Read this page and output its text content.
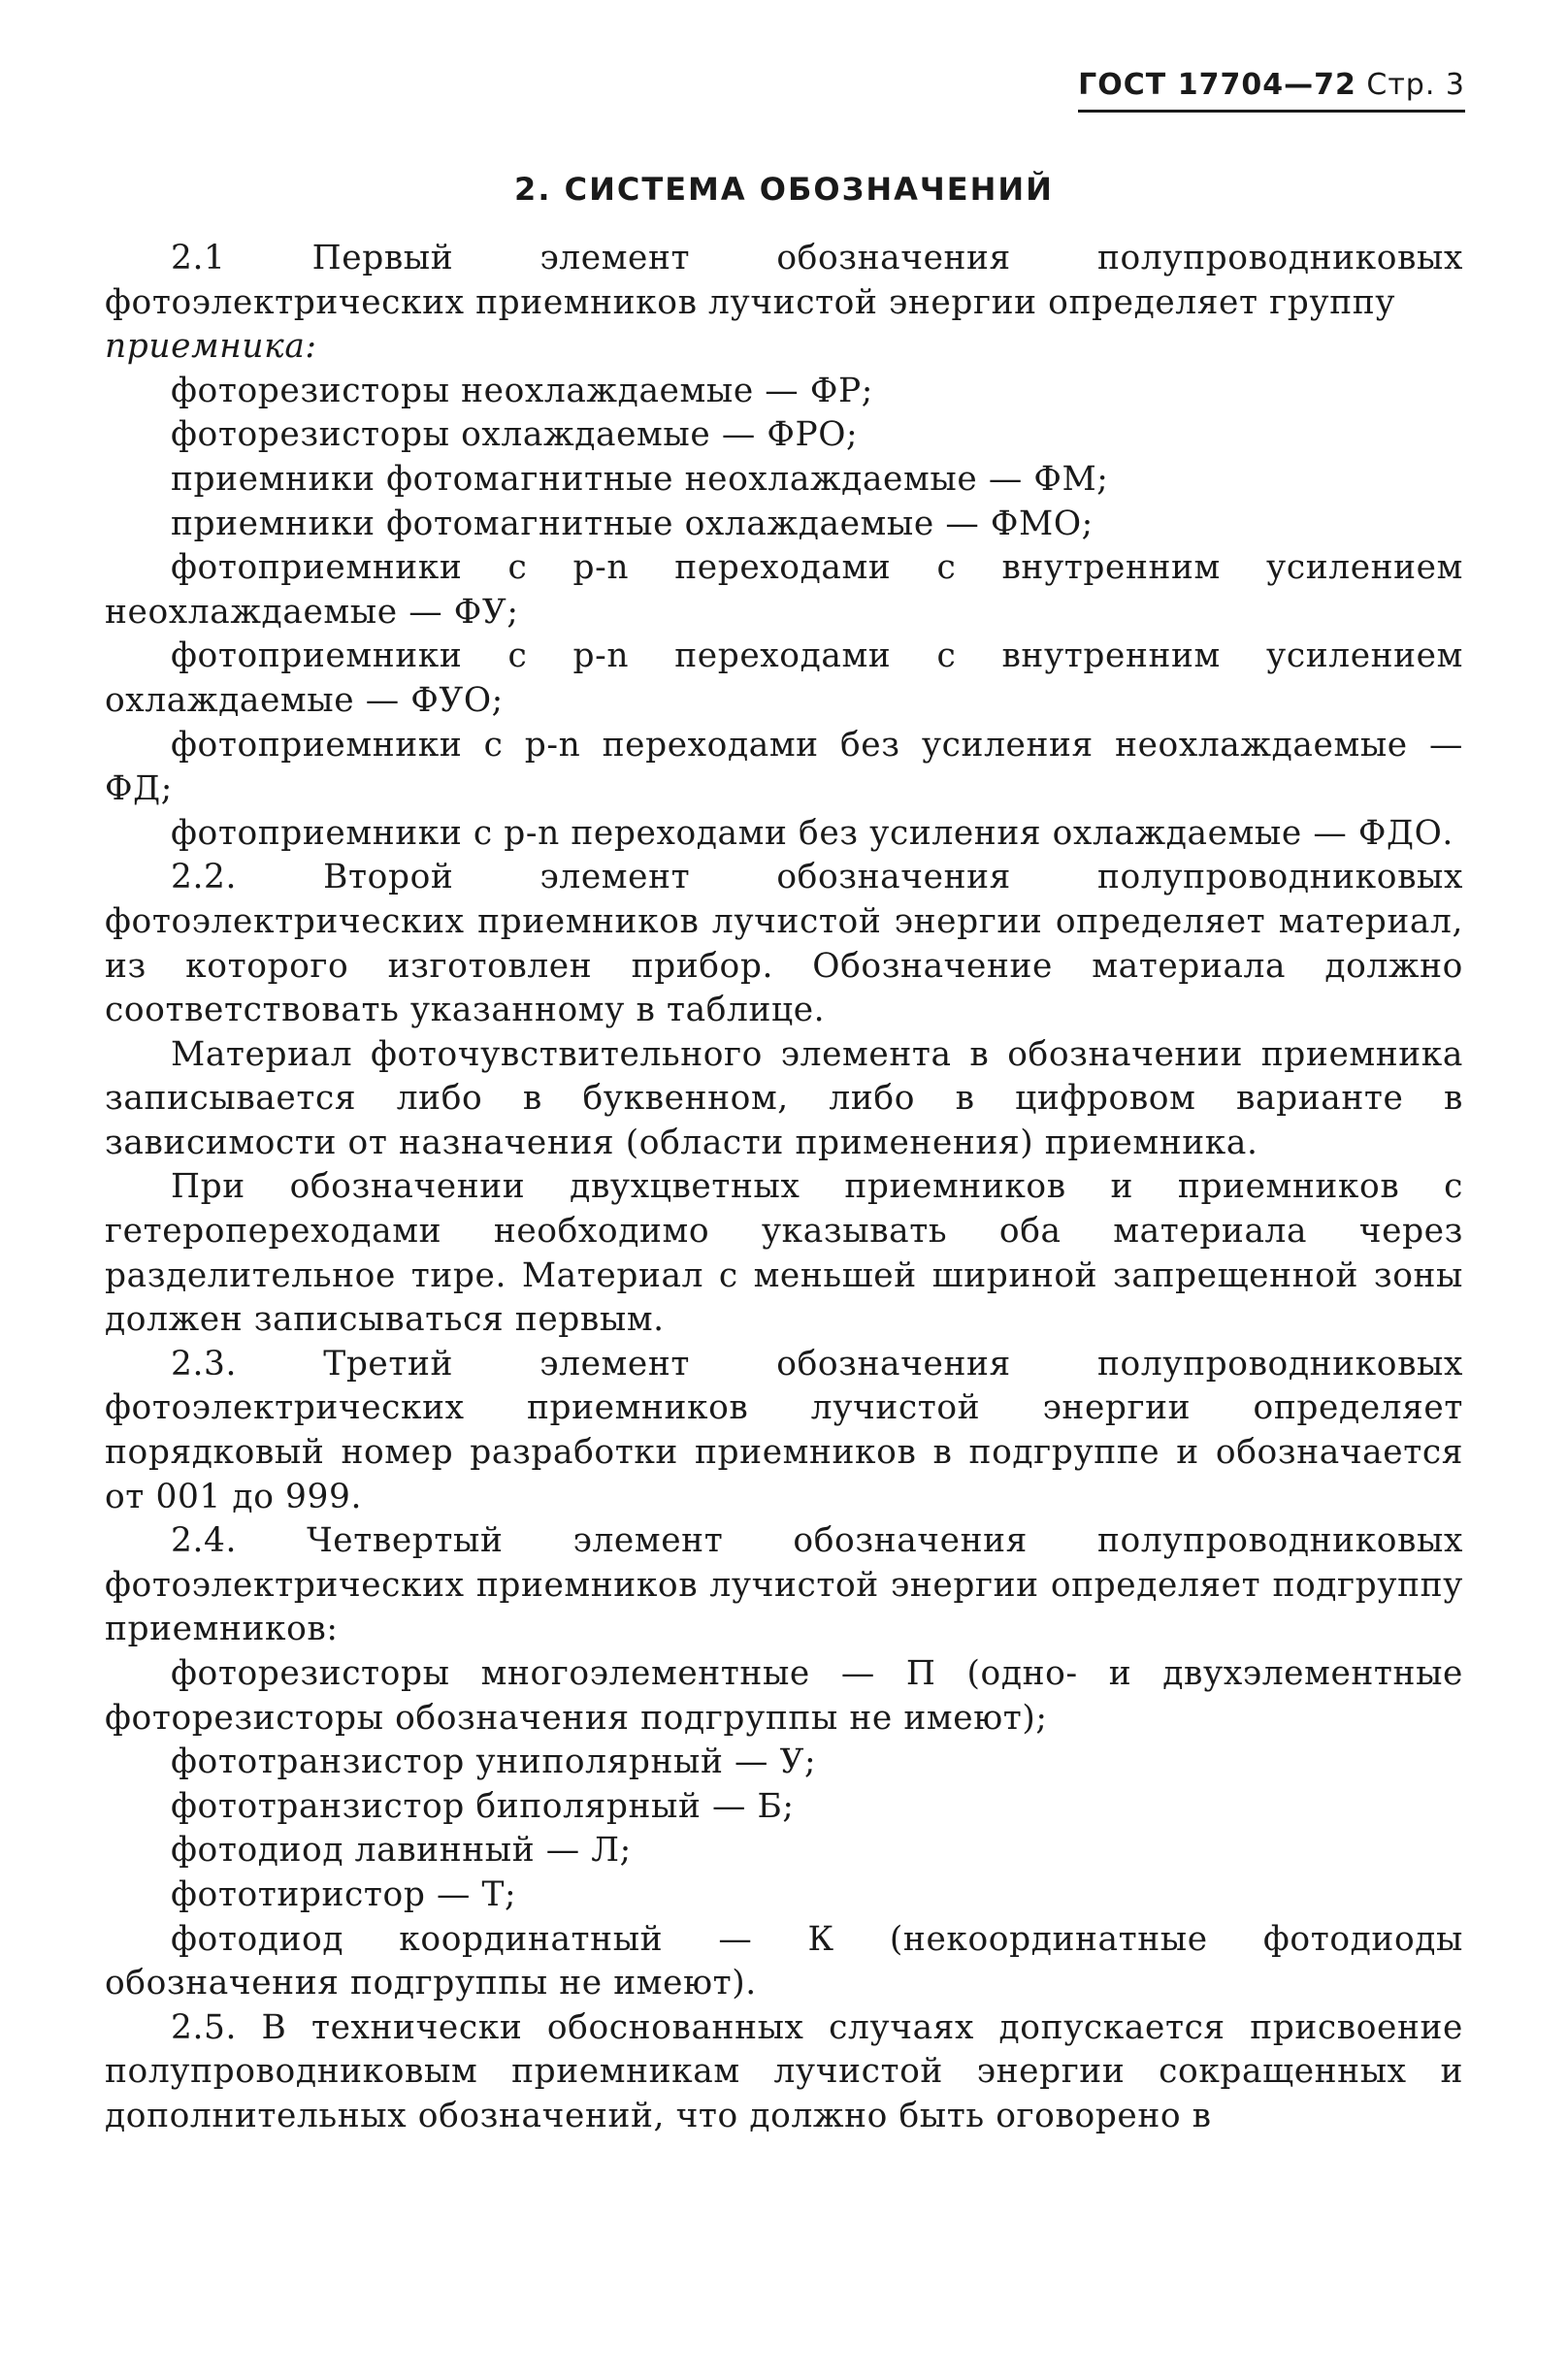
ГОСТ 17704—72 Стр. 3
2. СИСТЕМА ОБОЗНАЧЕНИЙ

2.1 Первый элемент обозначения полупроводниковых фотоэлектрических приемников лучистой энергии определяет группу

приемника:

фоторезисторы неохлаждаемые — ФР;

фоторезисторы охлаждаемые — ФРО;

приемники фотомагнитные неохлаждаемые — ФМ;

приемники фотомагнитные охлаждаемые — ФМО;

фотоприемники с p-n переходами с внутренним усилением неохлаждаемые — ФУ;

фотоприемники с p-n переходами с внутренним усилением охлаждаемые — ФУО;

фотоприемники с p-n переходами без усиления неохлаждаемые — ФД;

фотоприемники с p-n переходами без усиления охлаждаемые — ФДО.

2.2. Второй элемент обозначения полупроводниковых фотоэлектрических приемников лучистой энергии определяет материал, из которого изготовлен прибор. Обозначение материала должно соответствовать указанному в таблице.

Материал фоточувствительного элемента в обозначении приемника записывается либо в буквенном, либо в цифровом варианте в зависимости от назначения (области применения) приемника.

При обозначении двухцветных приемников и приемников с гетеропереходами необходимо указывать оба материала через разделительное тире. Материал с меньшей шириной запрещенной зоны должен записываться первым.

2.3. Третий элемент обозначения полупроводниковых фотоэлектрических приемников лучистой энергии определяет порядковый номер разработки приемников в подгруппе и обозначается от 001 до 999.

2.4. Четвертый элемент обозначения полупроводниковых фотоэлектрических приемников лучистой энергии определяет подгруппу приемников:

фоторезисторы многоэлементные — П (одно- и двухэлементные фоторезисторы обозначения подгруппы не имеют);

фототранзистор униполярный — У;

фототранзистор биполярный — Б;

фотодиод лавинный — Л;

фототиристор — Т;

фотодиод координатный — К (некоординатные фотодиоды обозначения подгруппы не имеют).

2.5. В технически обоснованных случаях допускается присвоение полупроводниковым приемникам лучистой энергии сокращенных и дополнительных обозначений, что должно быть оговорено в
